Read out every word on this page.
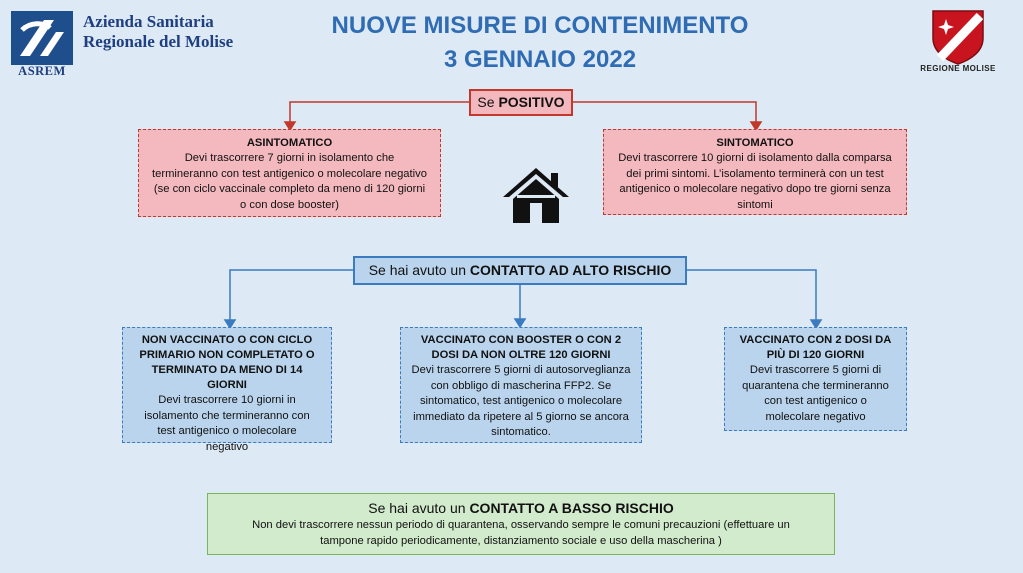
ASREM
Azienda Sanitaria
Regionale del Molise
NUOVE MISURE DI CONTENIMENTO
3 GENNAIO 2022	REGIONE MOLISE
Se POSITIVO
ASINTOMATICO
Devi trascorrere 7 giorni in isolamento che termineranno con test antigenico o molecolare negativo (se con ciclo vaccinale completo da meno di 120 giorni o con dose booster)
SINTOMATICO
Devi trascorrere 10 giorni di isolamento dalla comparsa dei primi sintomi. L’isolamento terminerà con un test antigenico o molecolare negativo dopo tre giorni senza sintomi
Se hai avuto un CONTATTO AD ALTO RISCHIO
NON VACCINATO O CON CICLO PRIMARIO NON COMPLETATO O TERMINATO DA MENO DI 14 GIORNI
Devi trascorrere 10 giorni in isolamento che termineranno con test antigenico o molecolare negativo
VACCINATO CON BOOSTER O CON 2 DOSI DA NON OLTRE 120 GIORNI
Devi trascorrere 5 giorni di autosorveglianza con obbligo di mascherina FFP2. Se sintomatico, test antigenico o molecolare immediato da ripetere al 5 giorno se ancora sintomatico.
VACCINATO CON 2 DOSI DA PIÙ DI 120 GIORNI
Devi trascorrere 5 giorni di quarantena che termineranno con test antigenico o molecolare negativo
Se hai avuto un CONTATTO A BASSO RISCHIO
Non devi trascorrere nessun periodo di quarantena, osservando sempre le comuni precauzioni (effettuare un tampone rapido periodicamente, distanziamento sociale e uso della mascherina )
